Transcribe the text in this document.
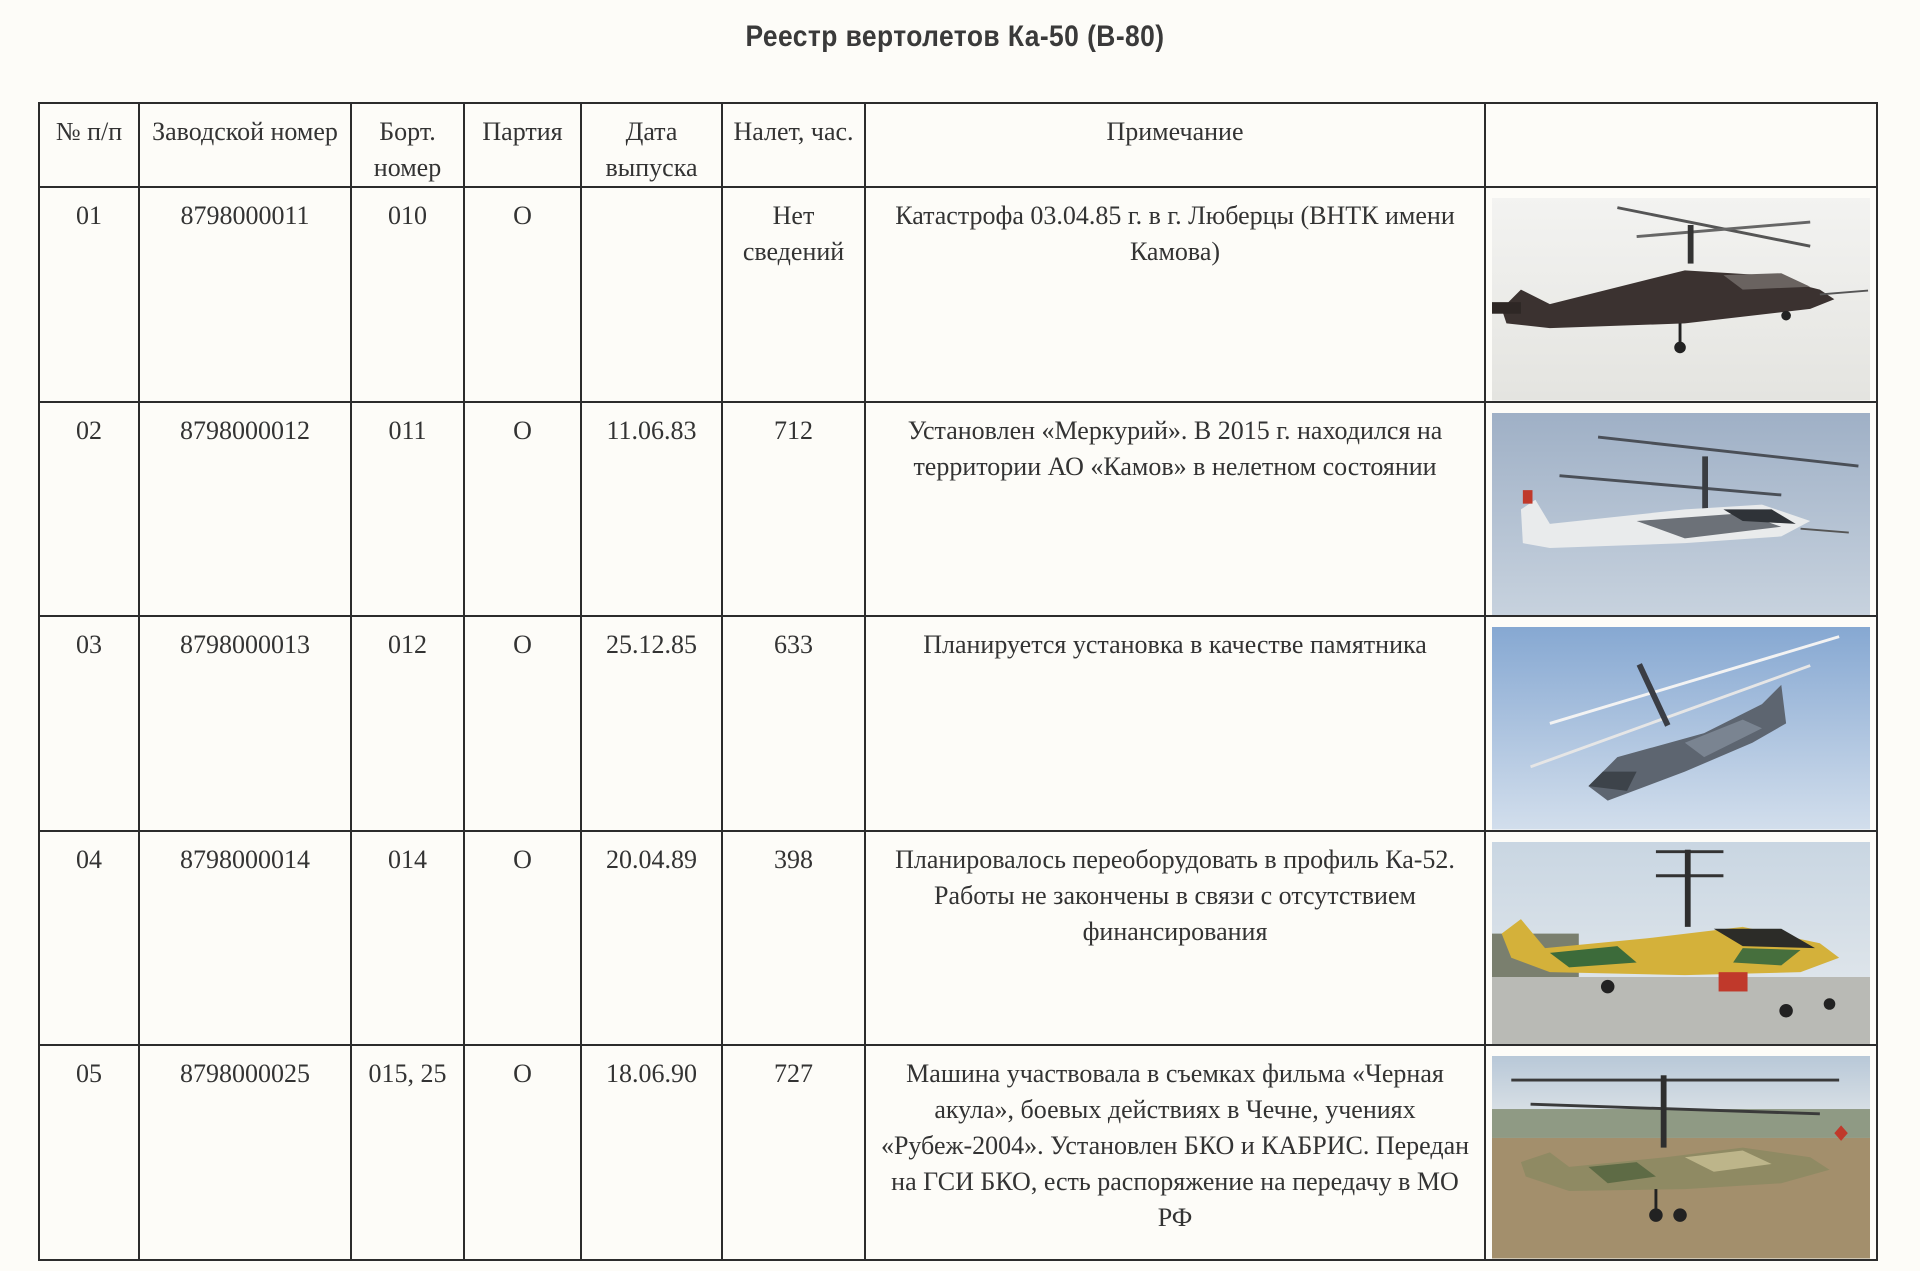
Реестр вертолетов Ка-50 (В-80)
№ п/п	Заводской номер	Борт. номер	Партия	Дата выпуска	Налет, час.	Примечание	
01	8798000011	010	О		Нет сведений	Катастрофа 03.04.85 г. в г. Люберцы (ВНТК имени Камова)	

02	8798000012	011	О	11.06.83	712	Установлен «Меркурий». В 2015 г. находился на территории АО «Камов» в нелетном состоянии	

03	8798000013	012	О	25.12.85	633	Планируется установка в качестве памятника	

04	8798000014	014	О	20.04.89	398	Планировалось переоборудовать в профиль Ка-52. Работы не закончены в связи с отсутствием финансирования	

05	8798000025	015, 25	О	18.06.90	727	Машина участвовала в съемках фильма «Черная акула», боевых действиях в Чечне, учениях «Рубеж-2004». Установлен БКО и КАБРИС. Передан на ГСИ БКО, есть распоряжение на передачу в МО РФ	
